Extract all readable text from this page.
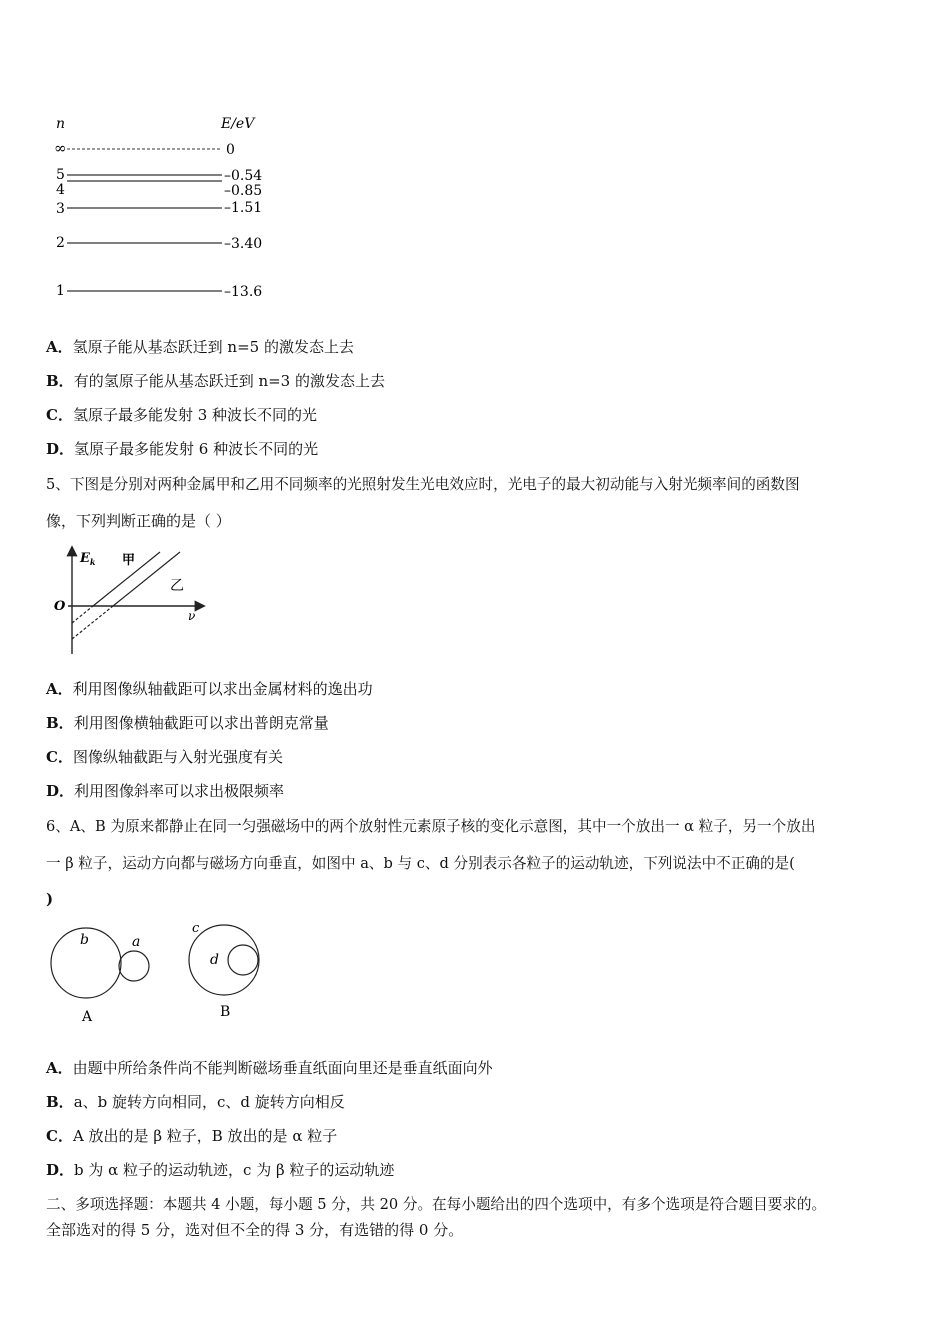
n	E/eV
∞	0
5	–0.54
4	–0.85
3	–1.51
2	–3.40
1	–13.6
A．氢原子能从基态跃迁到 n=5 的激发态上去
B．有的氢原子能从基态跃迁到 n=3 的激发态上去
C．氢原子最多能发射 3 种波长不同的光
D．氢原子最多能发射 6 种波长不同的光
5、下图是分别对两种金属甲和乙用不同频率的光照射发生光电效应时，光电子的最大初动能与入射光频率间的函数图
像，下列判断正确的是（ ）
O
$E_k$
ν
甲
乙
A．利用图像纵轴截距可以求出金属材料的逸出功
B．利用图像横轴截距可以求出普朗克常量
C．图像纵轴截距与入射光强度有关
D．利用图像斜率可以求出极限频率
6、A、B 为原来都静止在同一匀强磁场中的两个放射性元素原子核的变化示意图，其中一个放出一 α 粒子，另一个放出
一 β 粒子，运动方向都与磁场方向垂直，如图中 a、b 与 c、d 分别表示各粒子的运动轨迹，下列说法中不正确的是(
)
b	a
A
c
d
B
A．由题中所给条件尚不能判断磁场垂直纸面向里还是垂直纸面向外
B．a、b 旋转方向相同，c、d 旋转方向相反
C．A 放出的是 β 粒子，B 放出的是 α 粒子
D．b 为 α 粒子的运动轨迹，c 为 β 粒子的运动轨迹
二、多项选择题：本题共 4 小题，每小题 5 分，共 20 分。在每小题给出的四个选项中，有多个选项是符合题目要求的。
全部选对的得 5 分，选对但不全的得 3 分，有选错的得 0 分。
